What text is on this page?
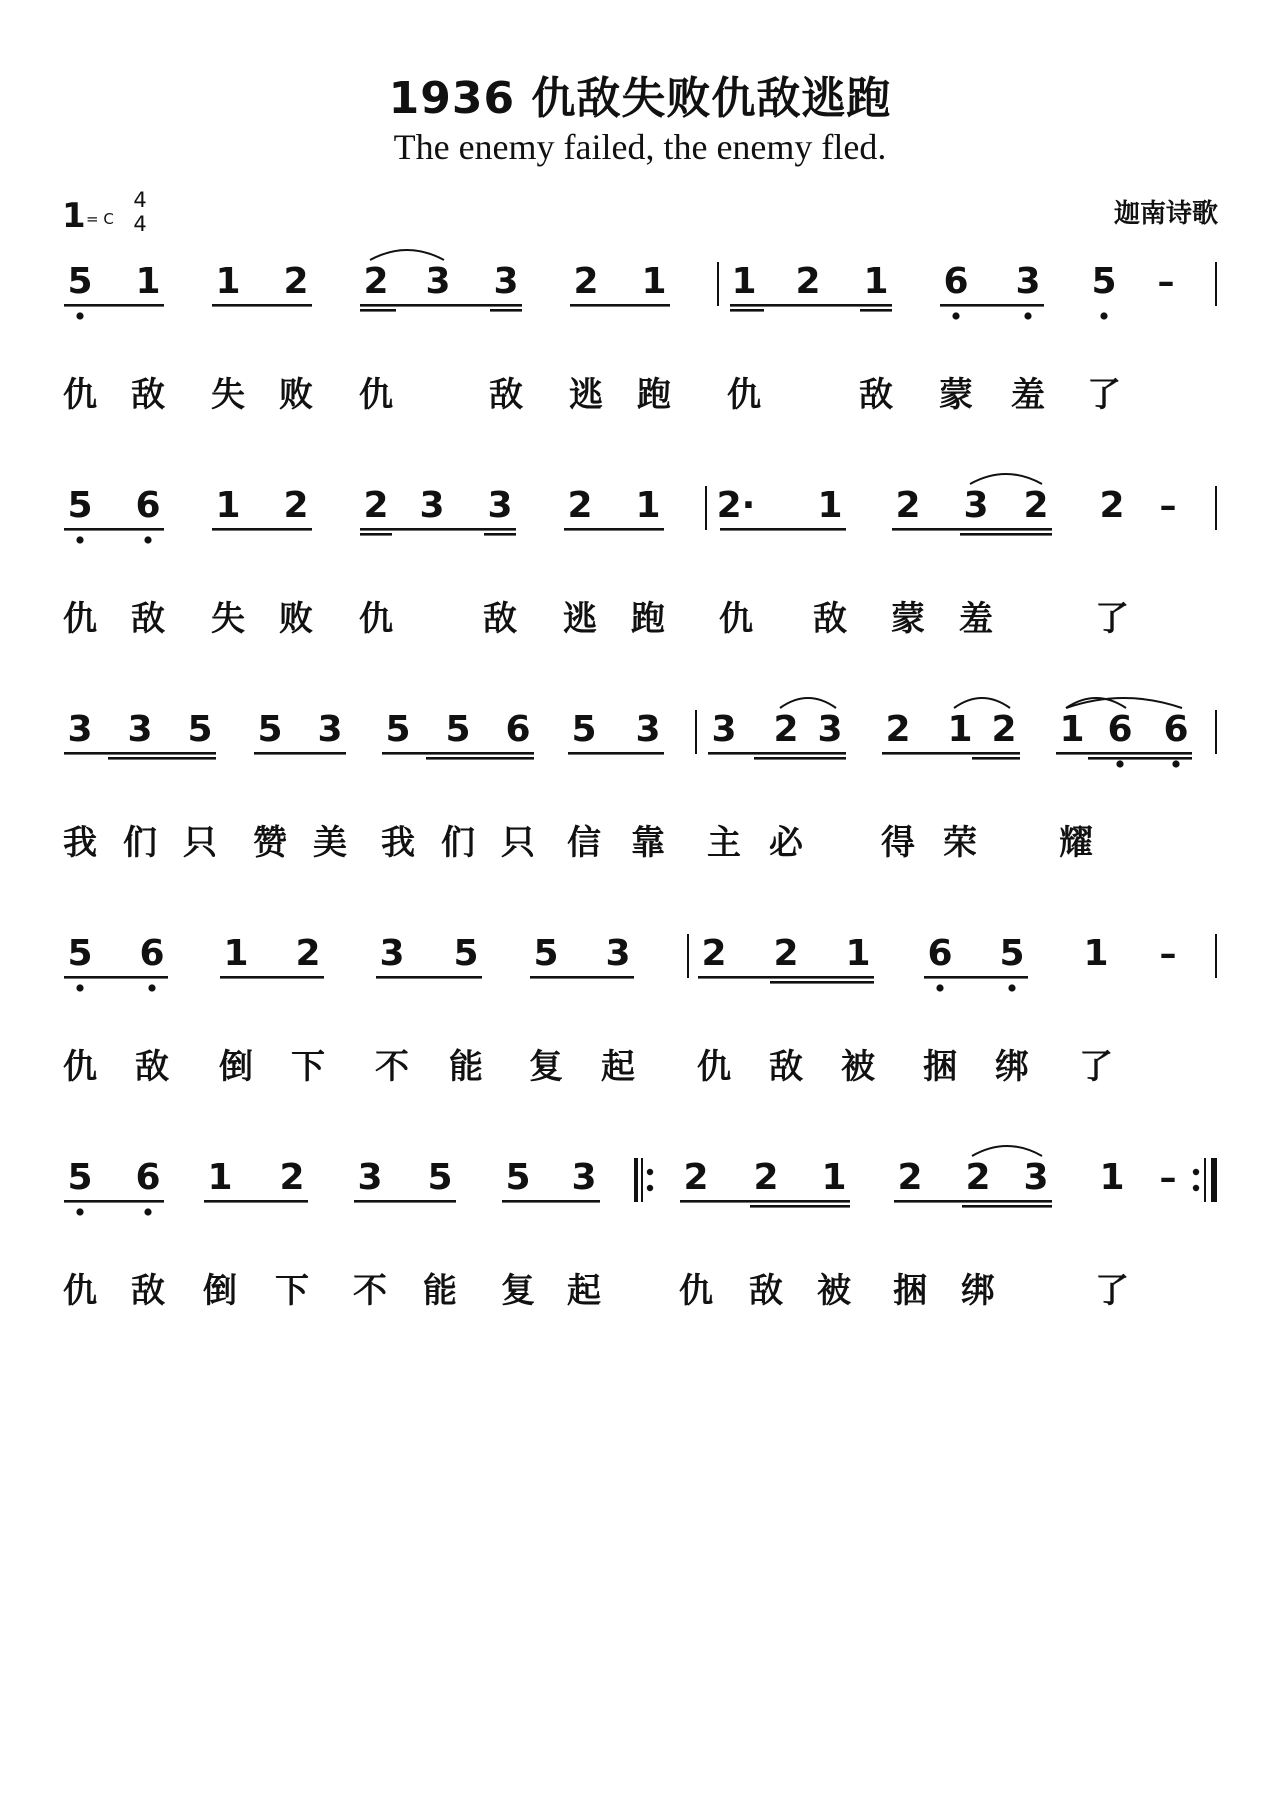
1936 仇敌失败仇敌逃跑
The enemy failed, the enemy fled.
1 = C
4
4	迦南诗歌
5 1 1 2 2 3 3 2 1 1 2 1 6 3 5
仇 敌 失 败 仇	敌 逃 跑 仇	敌 蒙 羞 了
–
5 6 1 2 2 3 3 2 1 2· 1 2 3 2 2
仇 敌 失 败 仇	敌 逃 跑 仇 敌 蒙 羞	了
–
3 3 5 5 3 5 5 6 5 3 3 2 3 2 1 2 1 6 6
我 们 只 赞 美 我 们 只 信 靠 主 必 得 荣 耀
5 6 1 2 3 5 5 3 2 2 1 6 5 1
仇 敌 倒 下 不 能 复 起 仇 敌 被 捆 绑 了
–
5 6 1 2 3 5 5 3 2 2 1 2 2 3 1
仇 敌 倒 下 不 能 复 起 仇 敌 被 捆 绑	了
–
